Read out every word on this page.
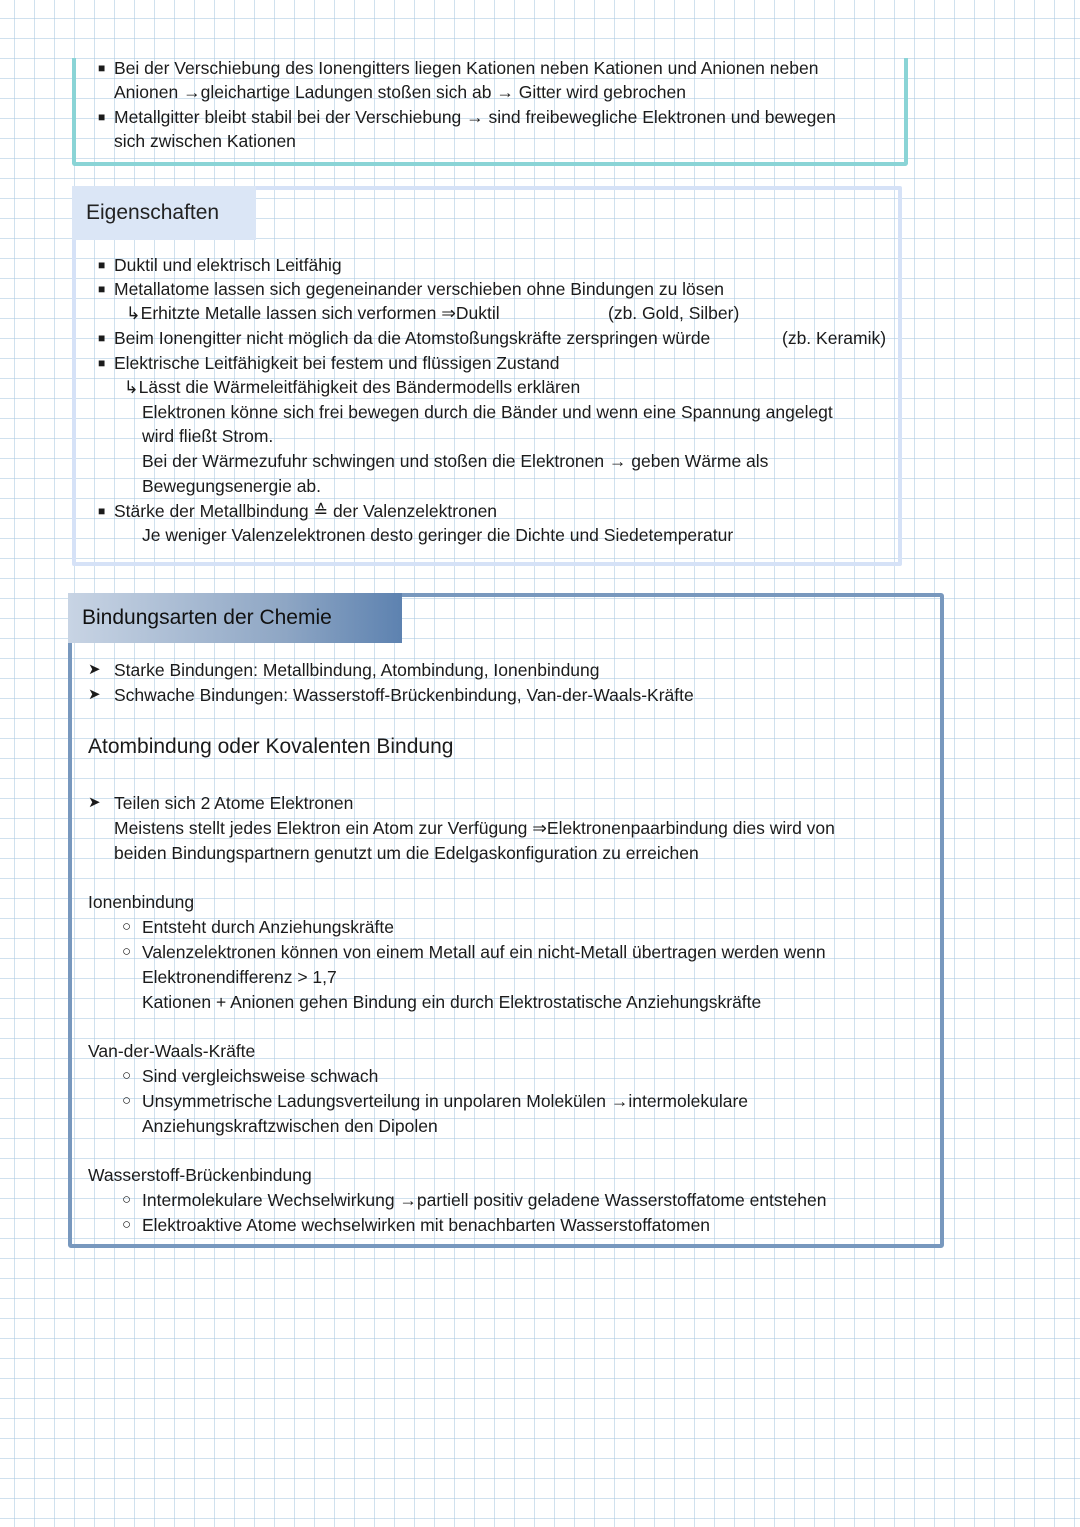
■ Bei der Verschiebung des Ionengitters liegen Kationen neben Kationen und Anionen neben
Anionen →gleichartige Ladungen stoßen sich ab → Gitter wird gebrochen
■ Metallgitter bleibt stabil bei der Verschiebung → sind freibewegliche Elektronen und bewegen
sich zwischen Kationen
Eigenschaften
■ Duktil und elektrisch Leitfähig
■ Metallatome lassen sich gegeneinander verschieben ohne Bindungen zu lösen
↳Erhitzte Metalle lassen sich verformen ⇒Duktil	(zb. Gold, Silber)
■ Beim Ionengitter nicht möglich da die Atomstoßungskräfte zerspringen würde	(zb. Keramik)
■ Elektrische Leitfähigkeit bei festem und flüssigen Zustand
↳Lässt die Wärmeleitfähigkeit des Bändermodells erklären
Elektronen könne sich frei bewegen durch die Bänder und wenn eine Spannung angelegt
wird fließt Strom.
Bei der Wärmezufuhr schwingen und stoßen die Elektronen → geben Wärme als
Bewegungsenergie ab.
■ Stärke der Metallbindung ≙ der Valenzelektronen
Je weniger Valenzelektronen desto geringer die Dichte und Siedetemperatur
Bindungsarten der Chemie
➤ Starke Bindungen: Metallbindung, Atombindung, Ionenbindung
➤ Schwache Bindungen: Wasserstoff-Brückenbindung, Van-der-Waals-Kräfte
Atombindung oder Kovalenten Bindung
➤ Teilen sich 2 Atome Elektronen
Meistens stellt jedes Elektron ein Atom zur Verfügung ⇒Elektronenpaarbindung dies wird von
beiden Bindungspartnern genutzt um die Edelgaskonfiguration zu erreichen
Ionenbindung
○ Entsteht durch Anziehungskräfte
○ Valenzelektronen können von einem Metall auf ein nicht-Metall übertragen werden wenn
Elektronendifferenz > 1,7
Kationen + Anionen gehen Bindung ein durch Elektrostatische Anziehungskräfte
Van-der-Waals-Kräfte
○ Sind vergleichsweise schwach
○ Unsymmetrische Ladungsverteilung in unpolaren Molekülen →intermolekulare
Anziehungskraftzwischen den Dipolen
Wasserstoff-Brückenbindung
○ Intermolekulare Wechselwirkung →partiell positiv geladene Wasserstoffatome entstehen
○ Elektroaktive Atome wechselwirken mit benachbarten Wasserstoffatomen
